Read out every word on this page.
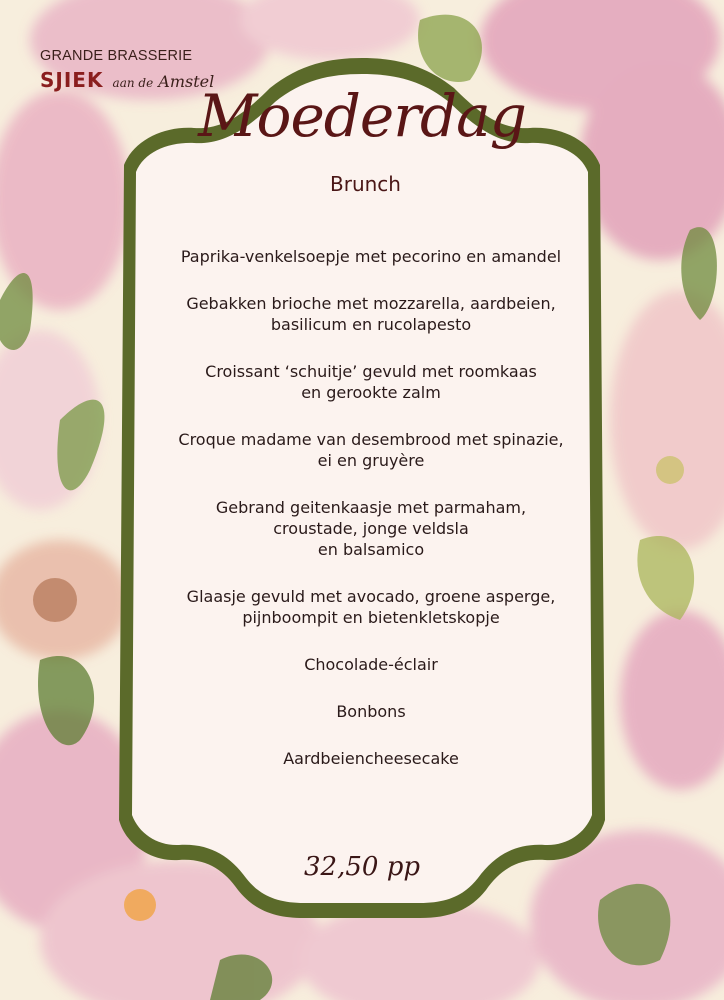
GRANDE BRASSERIE
SJIEK aan de Amstel
Moederdag
Brunch
Paprika-venkelsoepje met pecorino en amandel
Gebakken brioche met mozzarella, aardbeien,
basilicum en rucolapesto
Croissant ‘schuitje’ gevuld met roomkaas
en gerookte zalm
Croque madame van desembrood met spinazie,
ei en gruyère
Gebrand geitenkaasje met parmaham,
croustade, jonge veldsla
en balsamico
Glaasje gevuld met avocado, groene asperge,
pijnboompit en bietenkletskopje
Chocolade-éclair
Bonbons
Aardbeiencheesecake
32,50 pp
